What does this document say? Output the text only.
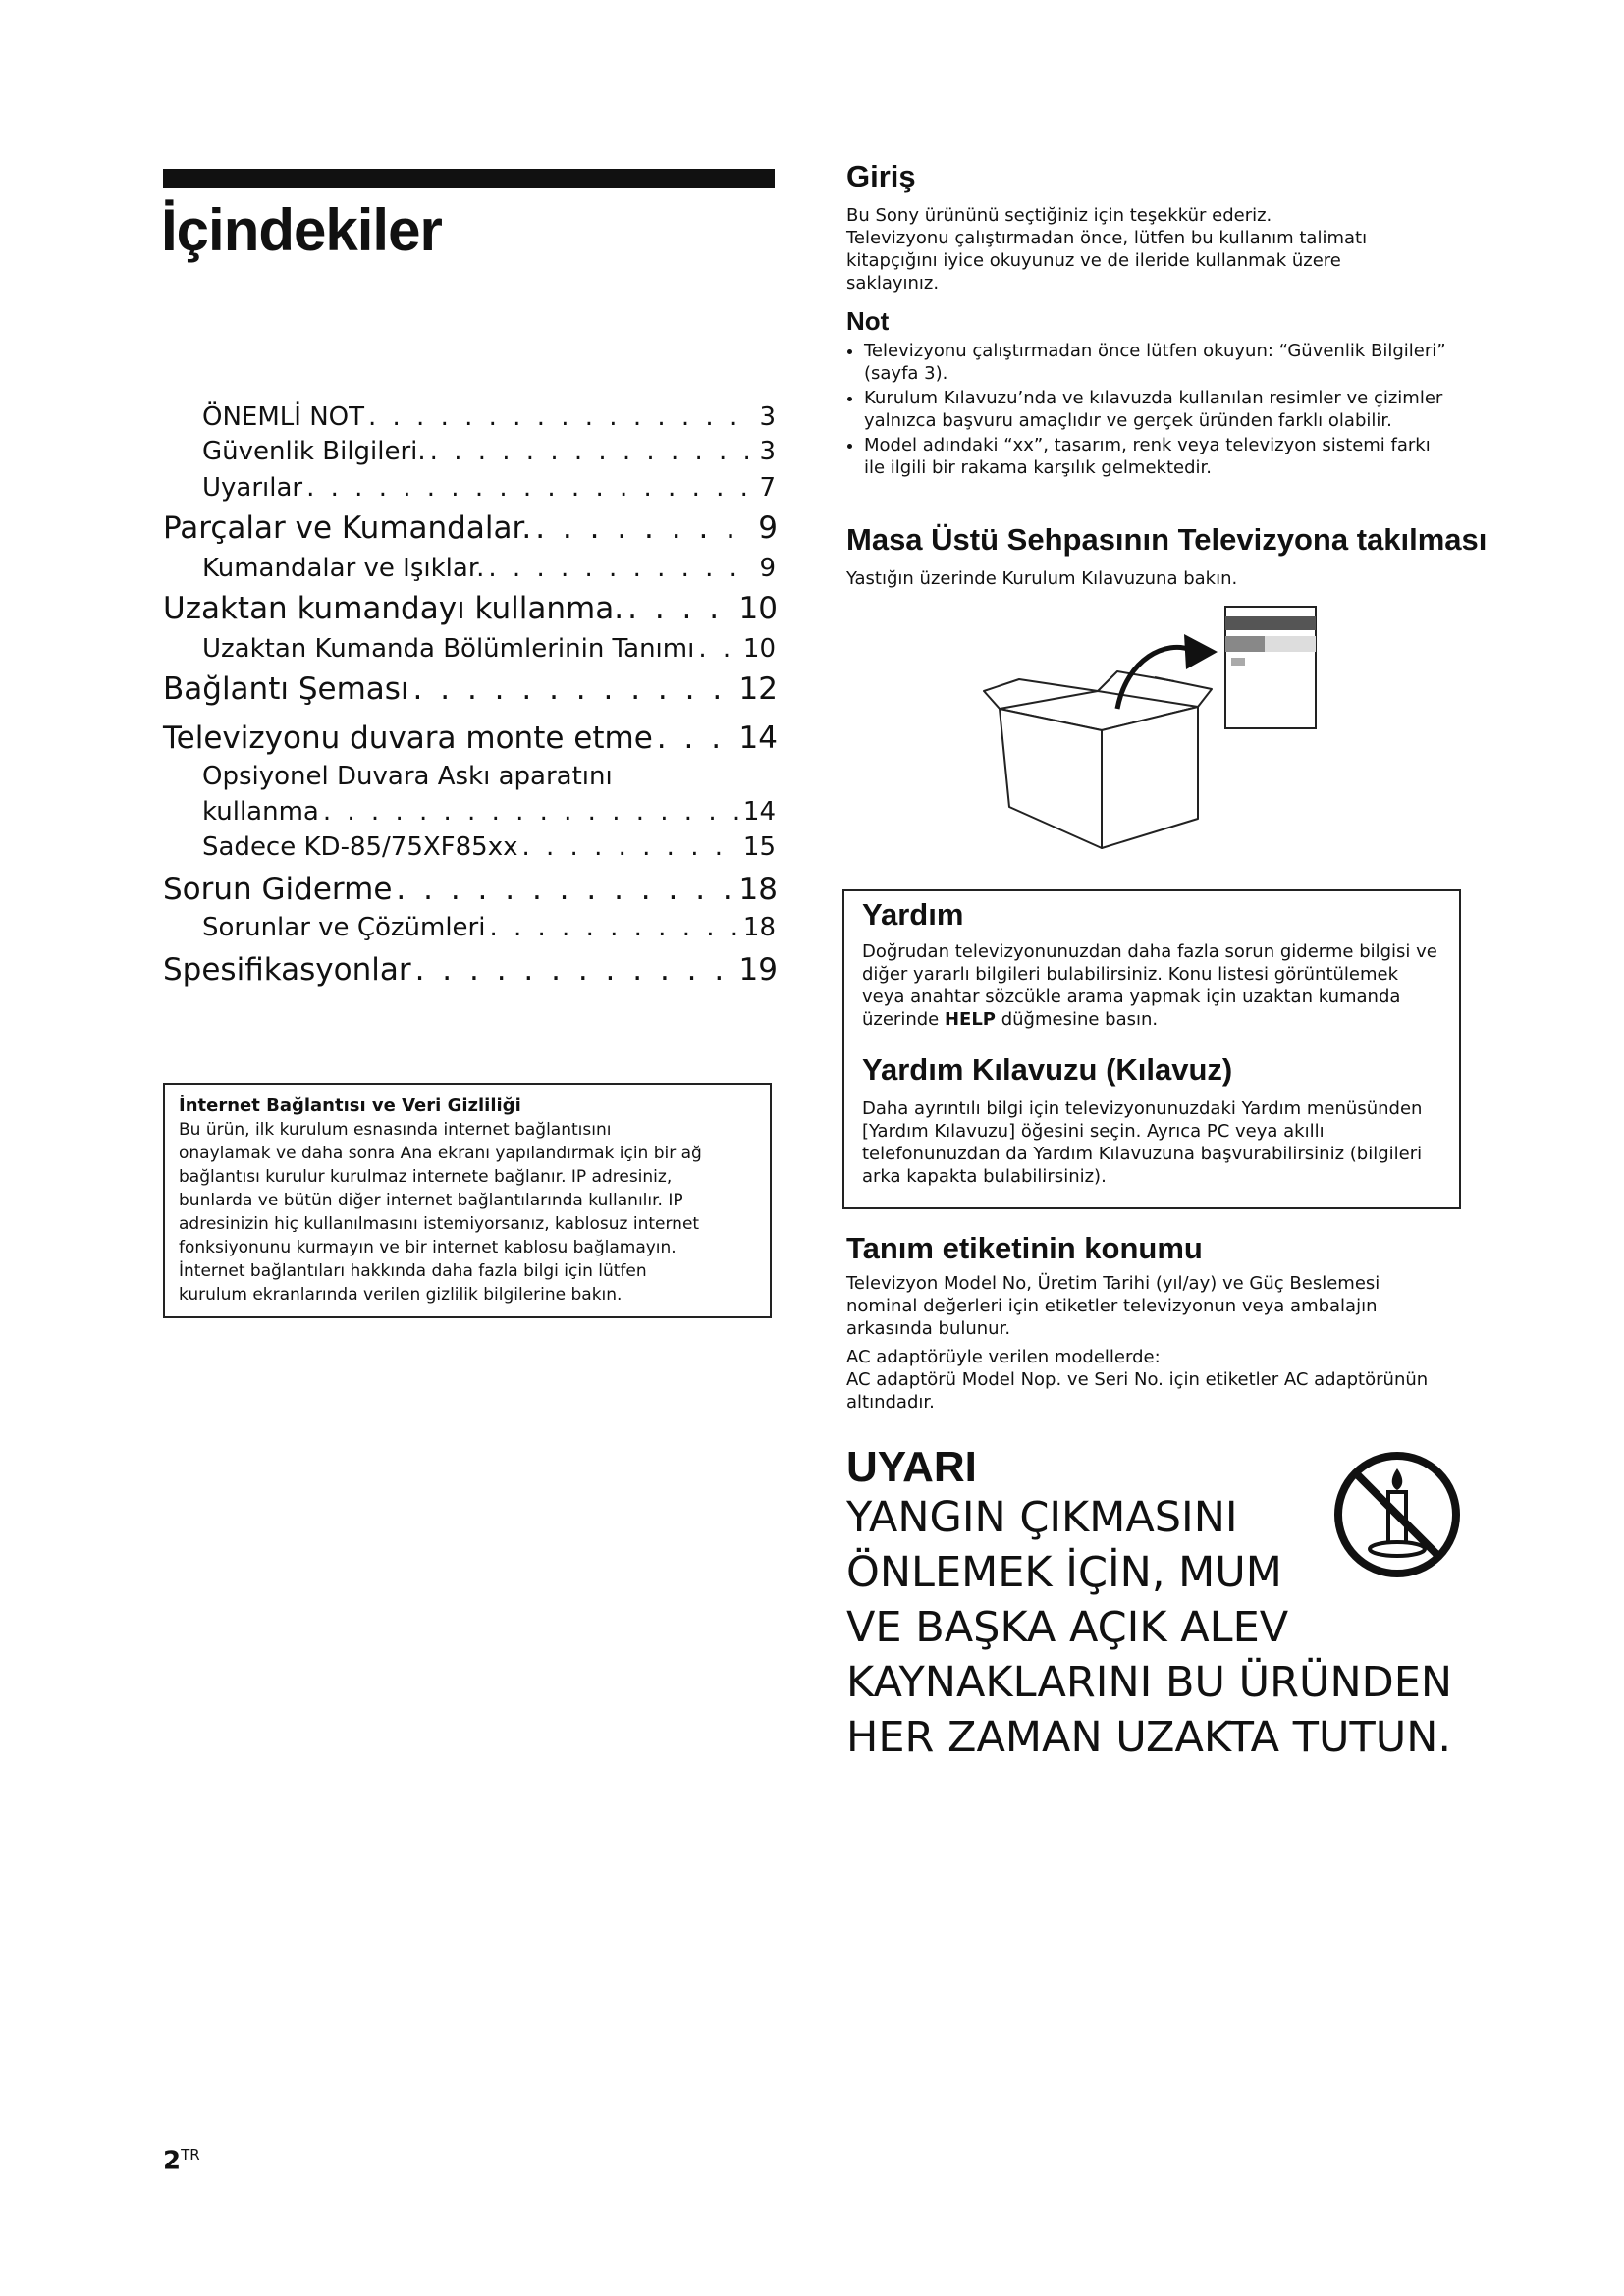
İçindekiler
ÖNEMLİ NOT . . .	3
Güvenlik Bilgileri. . . .	3
Uyarılar . . .	7
Parçalar ve Kumandalar. . . .	9
Kumandalar ve Işıklar. . . .	9
Uzaktan kumandayı kullanma. . . .	10
Uzaktan Kumanda Bölümlerinin Tanımı . . . 10
Bağlantı Şeması . . .	12
Televizyonu duvara monte etme . . .	14
Opsiyonel Duvara Askı aparatını
kullanma . . .	14
Sadece KD-85/75XF85xx . . .	15
Sorun Giderme . . .	18
Sorunlar ve Çözümleri . . .	18
Spesifikasyonlar . . .	19
İnternet Bağlantısı ve Veri Gizliliği
Bu ürün, ilk kurulum esnasında internet bağlantısını
onaylamak ve daha sonra Ana ekranı yapılandırmak için bir ağ
bağlantısı kurulur kurulmaz internete bağlanır. IP adresiniz,
bunlarda ve bütün diğer internet bağlantılarında kullanılır. IP
adresinizin hiç kullanılmasını istemiyorsanız, kablosuz internet
fonksiyonunu kurmayın ve bir internet kablosu bağlamayın.
İnternet bağlantıları hakkında daha fazla bilgi için lütfen
kurulum ekranlarında verilen gizlilik bilgilerine bakın.
Giriş
Bu Sony ürününü seçtiğiniz için teşekkür ederiz.
Televizyonu çalıştırmadan önce, lütfen bu kullanım talimatı kitapçığını iyice okuyunuz ve de ileride kullanmak üzere saklayınız.
Not
• Televizyonu çalıştırmadan önce lütfen okuyun: “Güvenlik Bilgileri” (sayfa 3).
• Kurulum Kılavuzu’nda ve kılavuzda kullanılan resimler ve çizimler yalnızca başvuru amaçlıdır ve gerçek üründen farklı olabilir.
• Model adındaki “xx”, tasarım, renk veya televizyon sistemi farkı ile ilgili bir rakama karşılık gelmektedir.
Masa Üstü Sehpasının Televizyona takılması
Yastığın üzerinde Kurulum Kılavuzuna bakın.
Yardım
Doğrudan televizyonunuzdan daha fazla sorun giderme bilgisi ve diğer yararlı bilgileri bulabilirsiniz. Konu listesi görüntülemek veya anahtar sözcükle arama yapmak için uzaktan kumanda üzerinde HELP düğmesine basın.
Yardım Kılavuzu (Kılavuz)
Daha ayrıntılı bilgi için televizyonunuzdaki Yardım menüsünden [Yardım Kılavuzu] öğesini seçin. Ayrıca PC veya akıllı telefonunuzdan da Yardım Kılavuzuna başvurabilirsiniz (bilgileri arka kapakta bulabilirsiniz).
Tanım etiketinin konumu
Televizyon Model No, Üretim Tarihi (yıl/ay) ve Güç Beslemesi nominal değerleri için etiketler televizyonun veya ambalajın arkasında bulunur.
AC adaptörüyle verilen modellerde:
AC adaptörü Model Nop. ve Seri No. için etiketler AC adaptörünün altındadır.
UYARI
YANGIN ÇIKMASINI
ÖNLEMEK İÇİN, MUM
VE BAŞKA AÇIK ALEV
KAYNAKLARINI BU ÜRÜNDEN
HER ZAMAN UZAKTA TUTUN.
$2^{TR}$
